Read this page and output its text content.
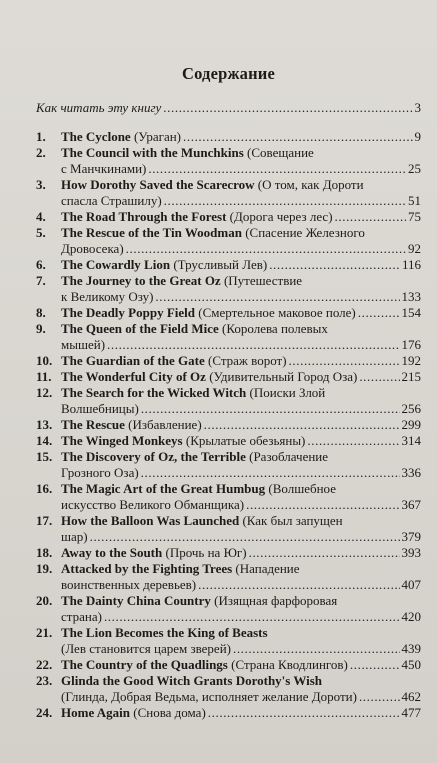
Содержание
Как читать эту книгу .....	3
1.	The Cyclone (Ураган) .....	9
2.	The Council with the Munchkins (Совещание
с Манчкинами) .....	25
3.	How Dorothy Saved the Scarecrow (О том, как Дороти
спасла Страшилу) .....	51
4.	The Road Through the Forest (Дорога через лес) .....	75
5.	The Rescue of the Tin Woodman (Спасение Железного
Дровосека) .....	92
6.	The Cowardly Lion (Трусливый Лев) .....	116
7.	The Journey to the Great Oz (Путешествие
к Великому Озу) .....	133
8.	The Deadly Poppy Field (Смертельное маковое поле) .....	154
9.	The Queen of the Field Mice (Королева полевых
мышей) .....	176
10. The Guardian of the Gate (Страж ворот) .....	192
11. The Wonderful City of Oz (Удивительный Город Оза) .....	215
12. The Search for the Wicked Witch (Поиски Злой
Волшебницы) .....	256
13. The Rescue (Избавление) .....	299
14. The Winged Monkeys (Крылатые обезьяны) .....	314
15. The Discovery of Oz, the Terrible (Разоблачение
Грозного Оза) .....	336
16. The Magic Art of the Great Humbug (Волшебное
искусство Великого Обманщика) .....	367
17. How the Balloon Was Launched (Как был запущен
шар) .....	379
18. Away to the South (Прочь на Юг) .....	393
19. Attacked by the Fighting Trees (Нападение
воинственных деревьев) .....	407
20. The Dainty China Country (Изящная фарфоровая
страна) .....	420
21. The Lion Becomes the King of Beasts
(Лев становится царем зверей) .....	439
22. The Country of the Quadlings (Страна Кводлингов) .....	450
23. Glinda the Good Witch Grants Dorothy's Wish
(Глинда, Добрая Ведьма, исполняет желание Дороти) .....	462
24. Home Again (Снова дома) .....	477
